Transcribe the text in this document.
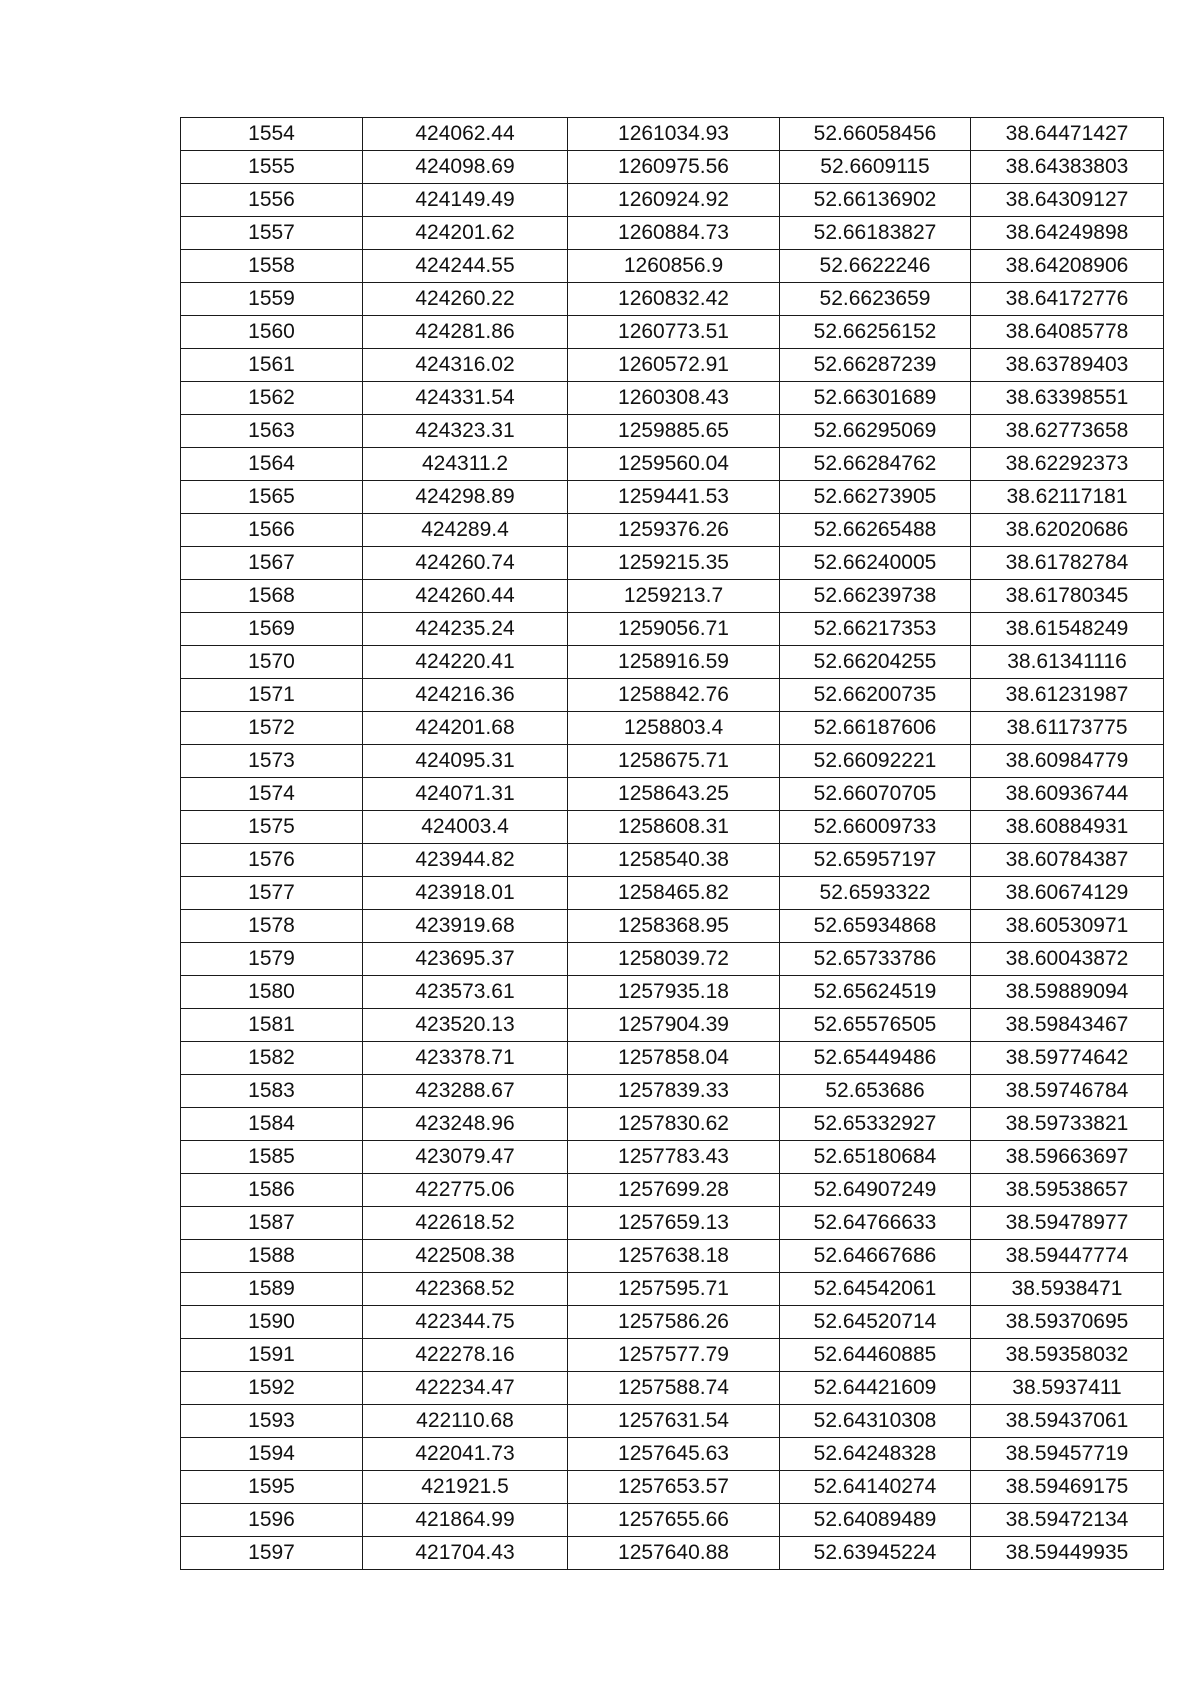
1554	424062.44	1261034.93	52.66058456	38.64471427
1555	424098.69	1260975.56	52.6609115	38.64383803
1556	424149.49	1260924.92	52.66136902	38.64309127
1557	424201.62	1260884.73	52.66183827	38.64249898
1558	424244.55	1260856.9	52.6622246	38.64208906
1559	424260.22	1260832.42	52.6623659	38.64172776
1560	424281.86	1260773.51	52.66256152	38.64085778
1561	424316.02	1260572.91	52.66287239	38.63789403
1562	424331.54	1260308.43	52.66301689	38.63398551
1563	424323.31	1259885.65	52.66295069	38.62773658
1564	424311.2	1259560.04	52.66284762	38.62292373
1565	424298.89	1259441.53	52.66273905	38.62117181
1566	424289.4	1259376.26	52.66265488	38.62020686
1567	424260.74	1259215.35	52.66240005	38.61782784
1568	424260.44	1259213.7	52.66239738	38.61780345
1569	424235.24	1259056.71	52.66217353	38.61548249
1570	424220.41	1258916.59	52.66204255	38.61341116
1571	424216.36	1258842.76	52.66200735	38.61231987
1572	424201.68	1258803.4	52.66187606	38.61173775
1573	424095.31	1258675.71	52.66092221	38.60984779
1574	424071.31	1258643.25	52.66070705	38.60936744
1575	424003.4	1258608.31	52.66009733	38.60884931
1576	423944.82	1258540.38	52.65957197	38.60784387
1577	423918.01	1258465.82	52.6593322	38.60674129
1578	423919.68	1258368.95	52.65934868	38.60530971
1579	423695.37	1258039.72	52.65733786	38.60043872
1580	423573.61	1257935.18	52.65624519	38.59889094
1581	423520.13	1257904.39	52.65576505	38.59843467
1582	423378.71	1257858.04	52.65449486	38.59774642
1583	423288.67	1257839.33	52.653686	38.59746784
1584	423248.96	1257830.62	52.65332927	38.59733821
1585	423079.47	1257783.43	52.65180684	38.59663697
1586	422775.06	1257699.28	52.64907249	38.59538657
1587	422618.52	1257659.13	52.64766633	38.59478977
1588	422508.38	1257638.18	52.64667686	38.59447774
1589	422368.52	1257595.71	52.64542061	38.5938471
1590	422344.75	1257586.26	52.64520714	38.59370695
1591	422278.16	1257577.79	52.64460885	38.59358032
1592	422234.47	1257588.74	52.64421609	38.5937411
1593	422110.68	1257631.54	52.64310308	38.59437061
1594	422041.73	1257645.63	52.64248328	38.59457719
1595	421921.5	1257653.57	52.64140274	38.59469175
1596	421864.99	1257655.66	52.64089489	38.59472134
1597	421704.43	1257640.88	52.63945224	38.59449935
